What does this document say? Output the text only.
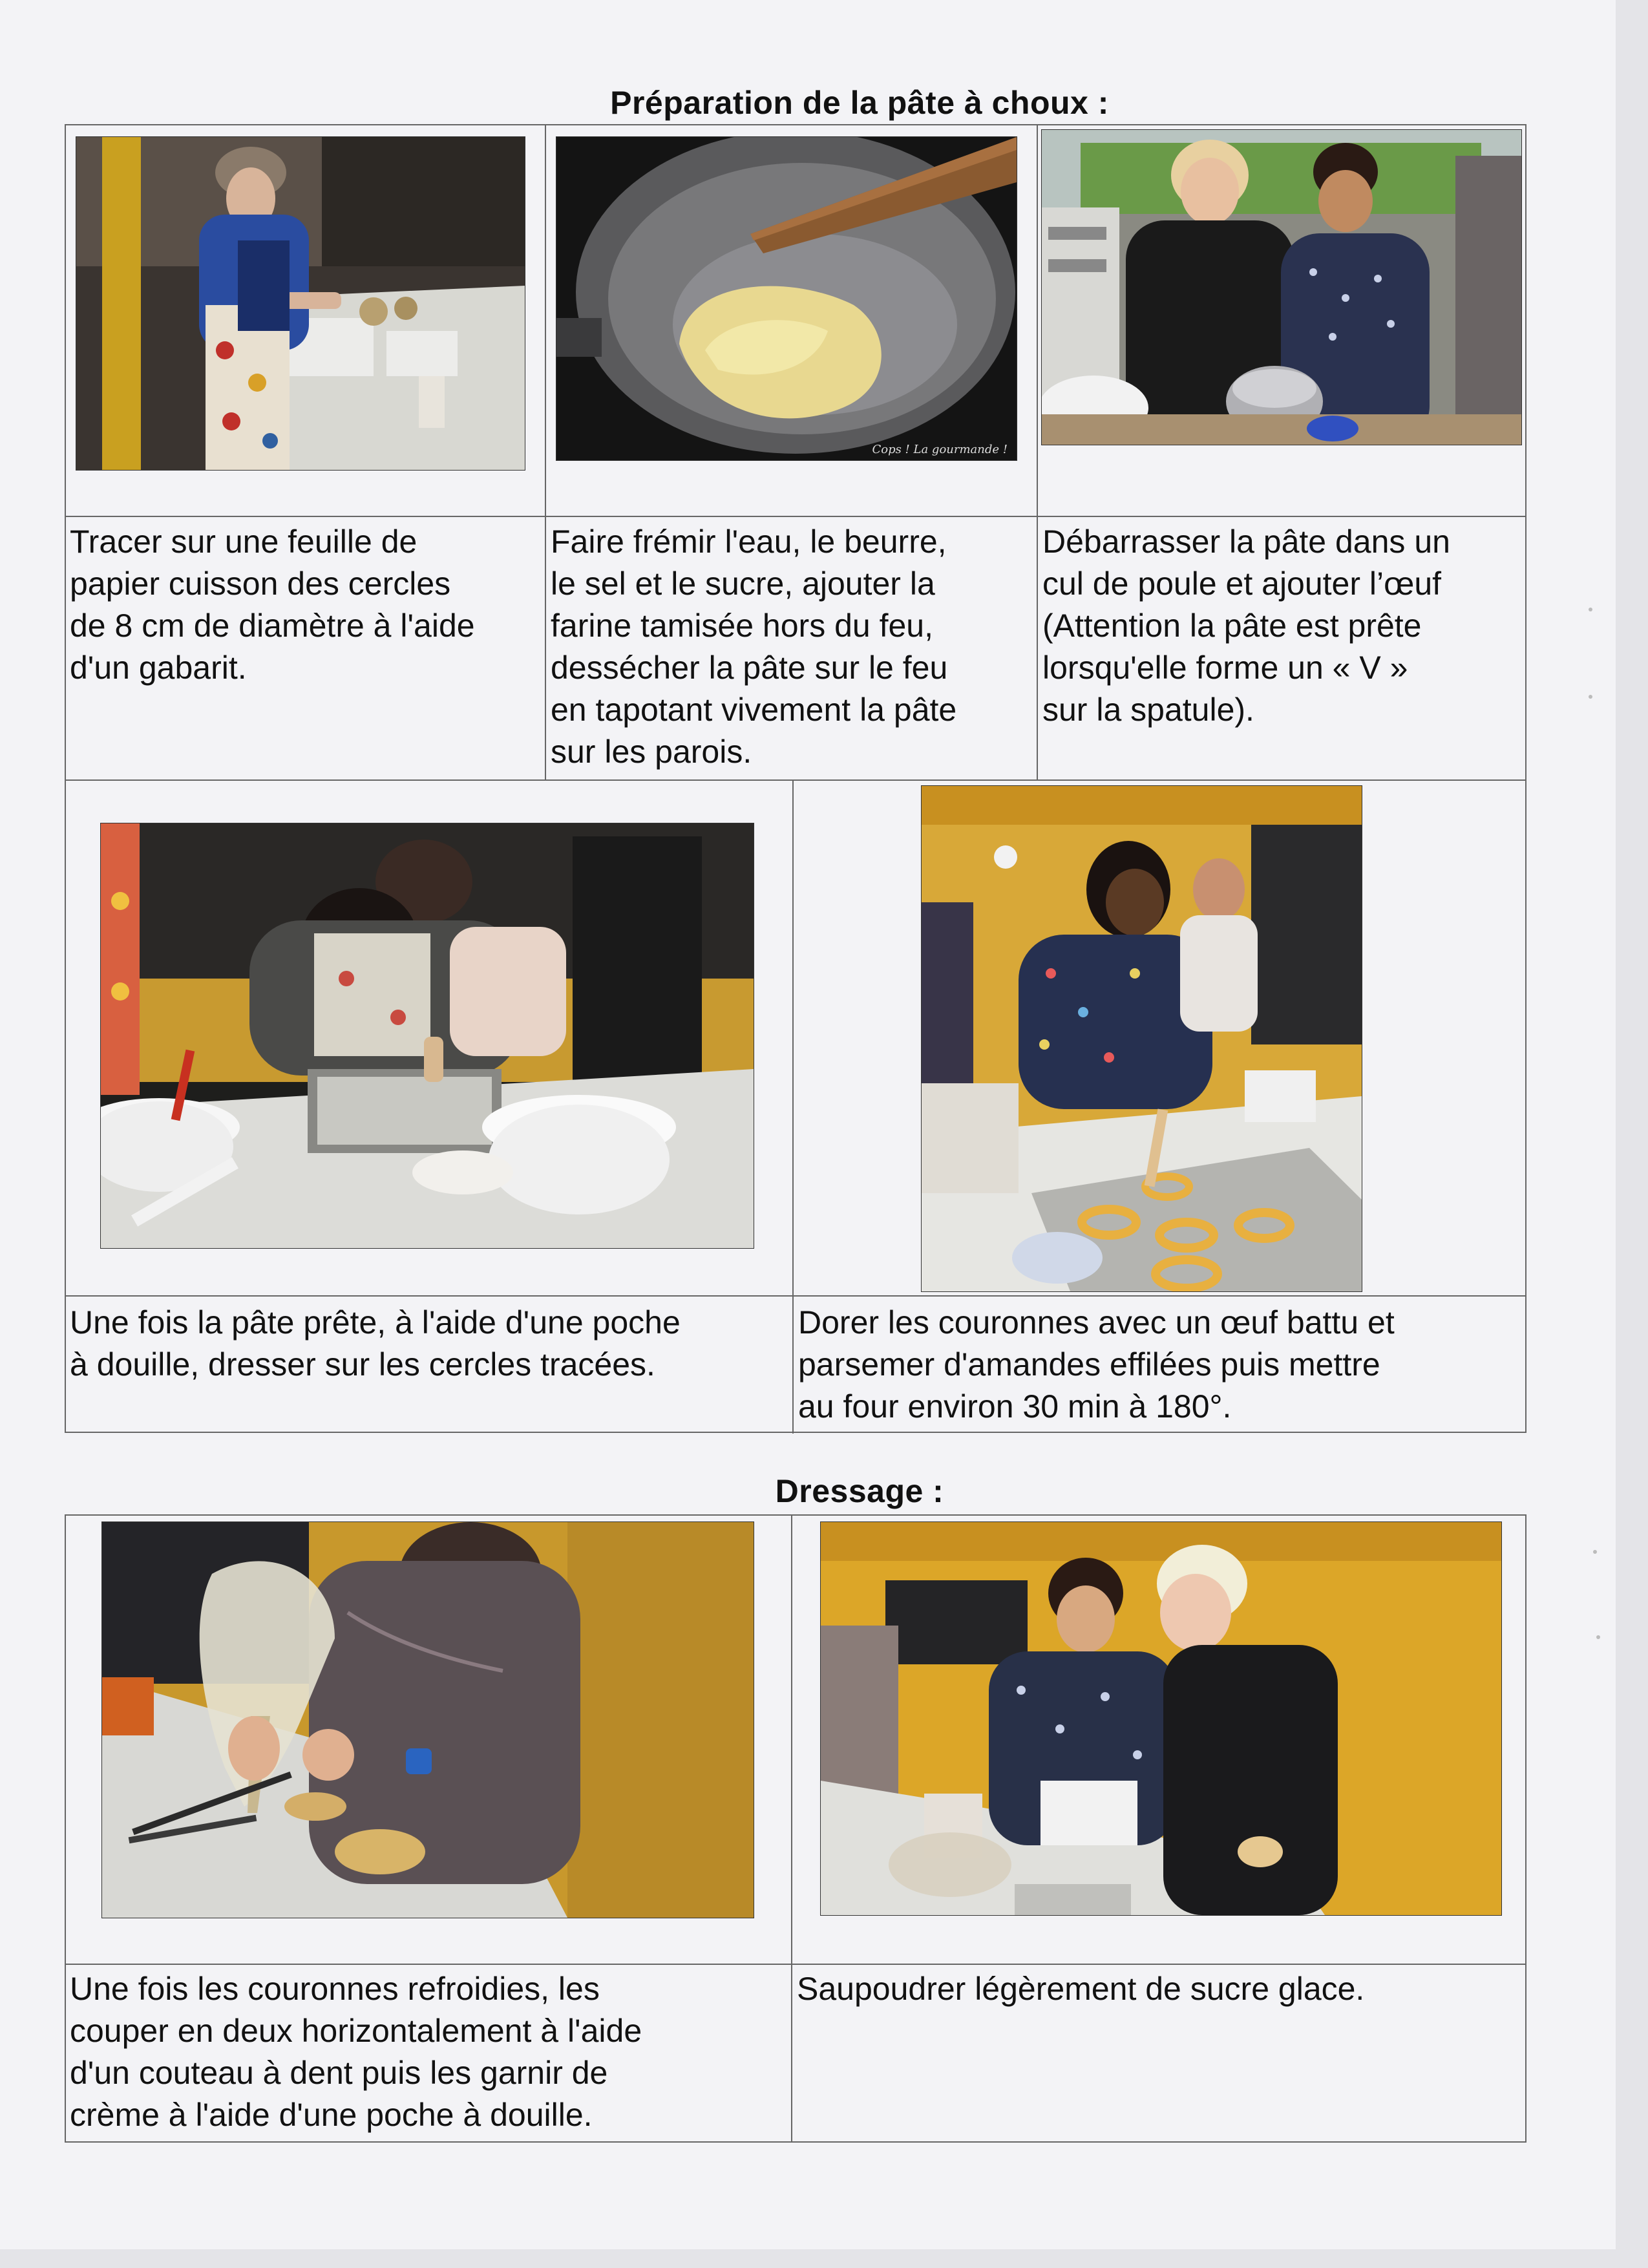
Préparation de la pâte à choux :
Cops ! La gourmande !
Tracer sur une feuille de
papier cuisson des cercles
de 8 cm de diamètre à l'aide
d'un gabarit.
Faire frémir l'eau, le beurre,
le sel et le sucre, ajouter la
farine tamisée hors du feu,
dessécher la pâte sur le feu
en tapotant vivement la pâte
sur les parois.
Débarrasser la pâte dans un
cul de poule et ajouter l’œuf
(Attention la pâte est prête
lorsqu'elle forme un « V »
sur la spatule).
Une fois la pâte prête, à l'aide d'une poche
à douille, dresser sur les cercles tracées.
Dorer les couronnes avec un œuf battu et
parsemer d'amandes effilées puis mettre
au four environ 30 min à 180°.
Dressage :
Une fois les couronnes refroidies, les
couper en deux horizontalement à l'aide
d'un couteau à dent puis les garnir de
crème à l'aide d'une poche à douille.
Saupoudrer légèrement de sucre glace.
